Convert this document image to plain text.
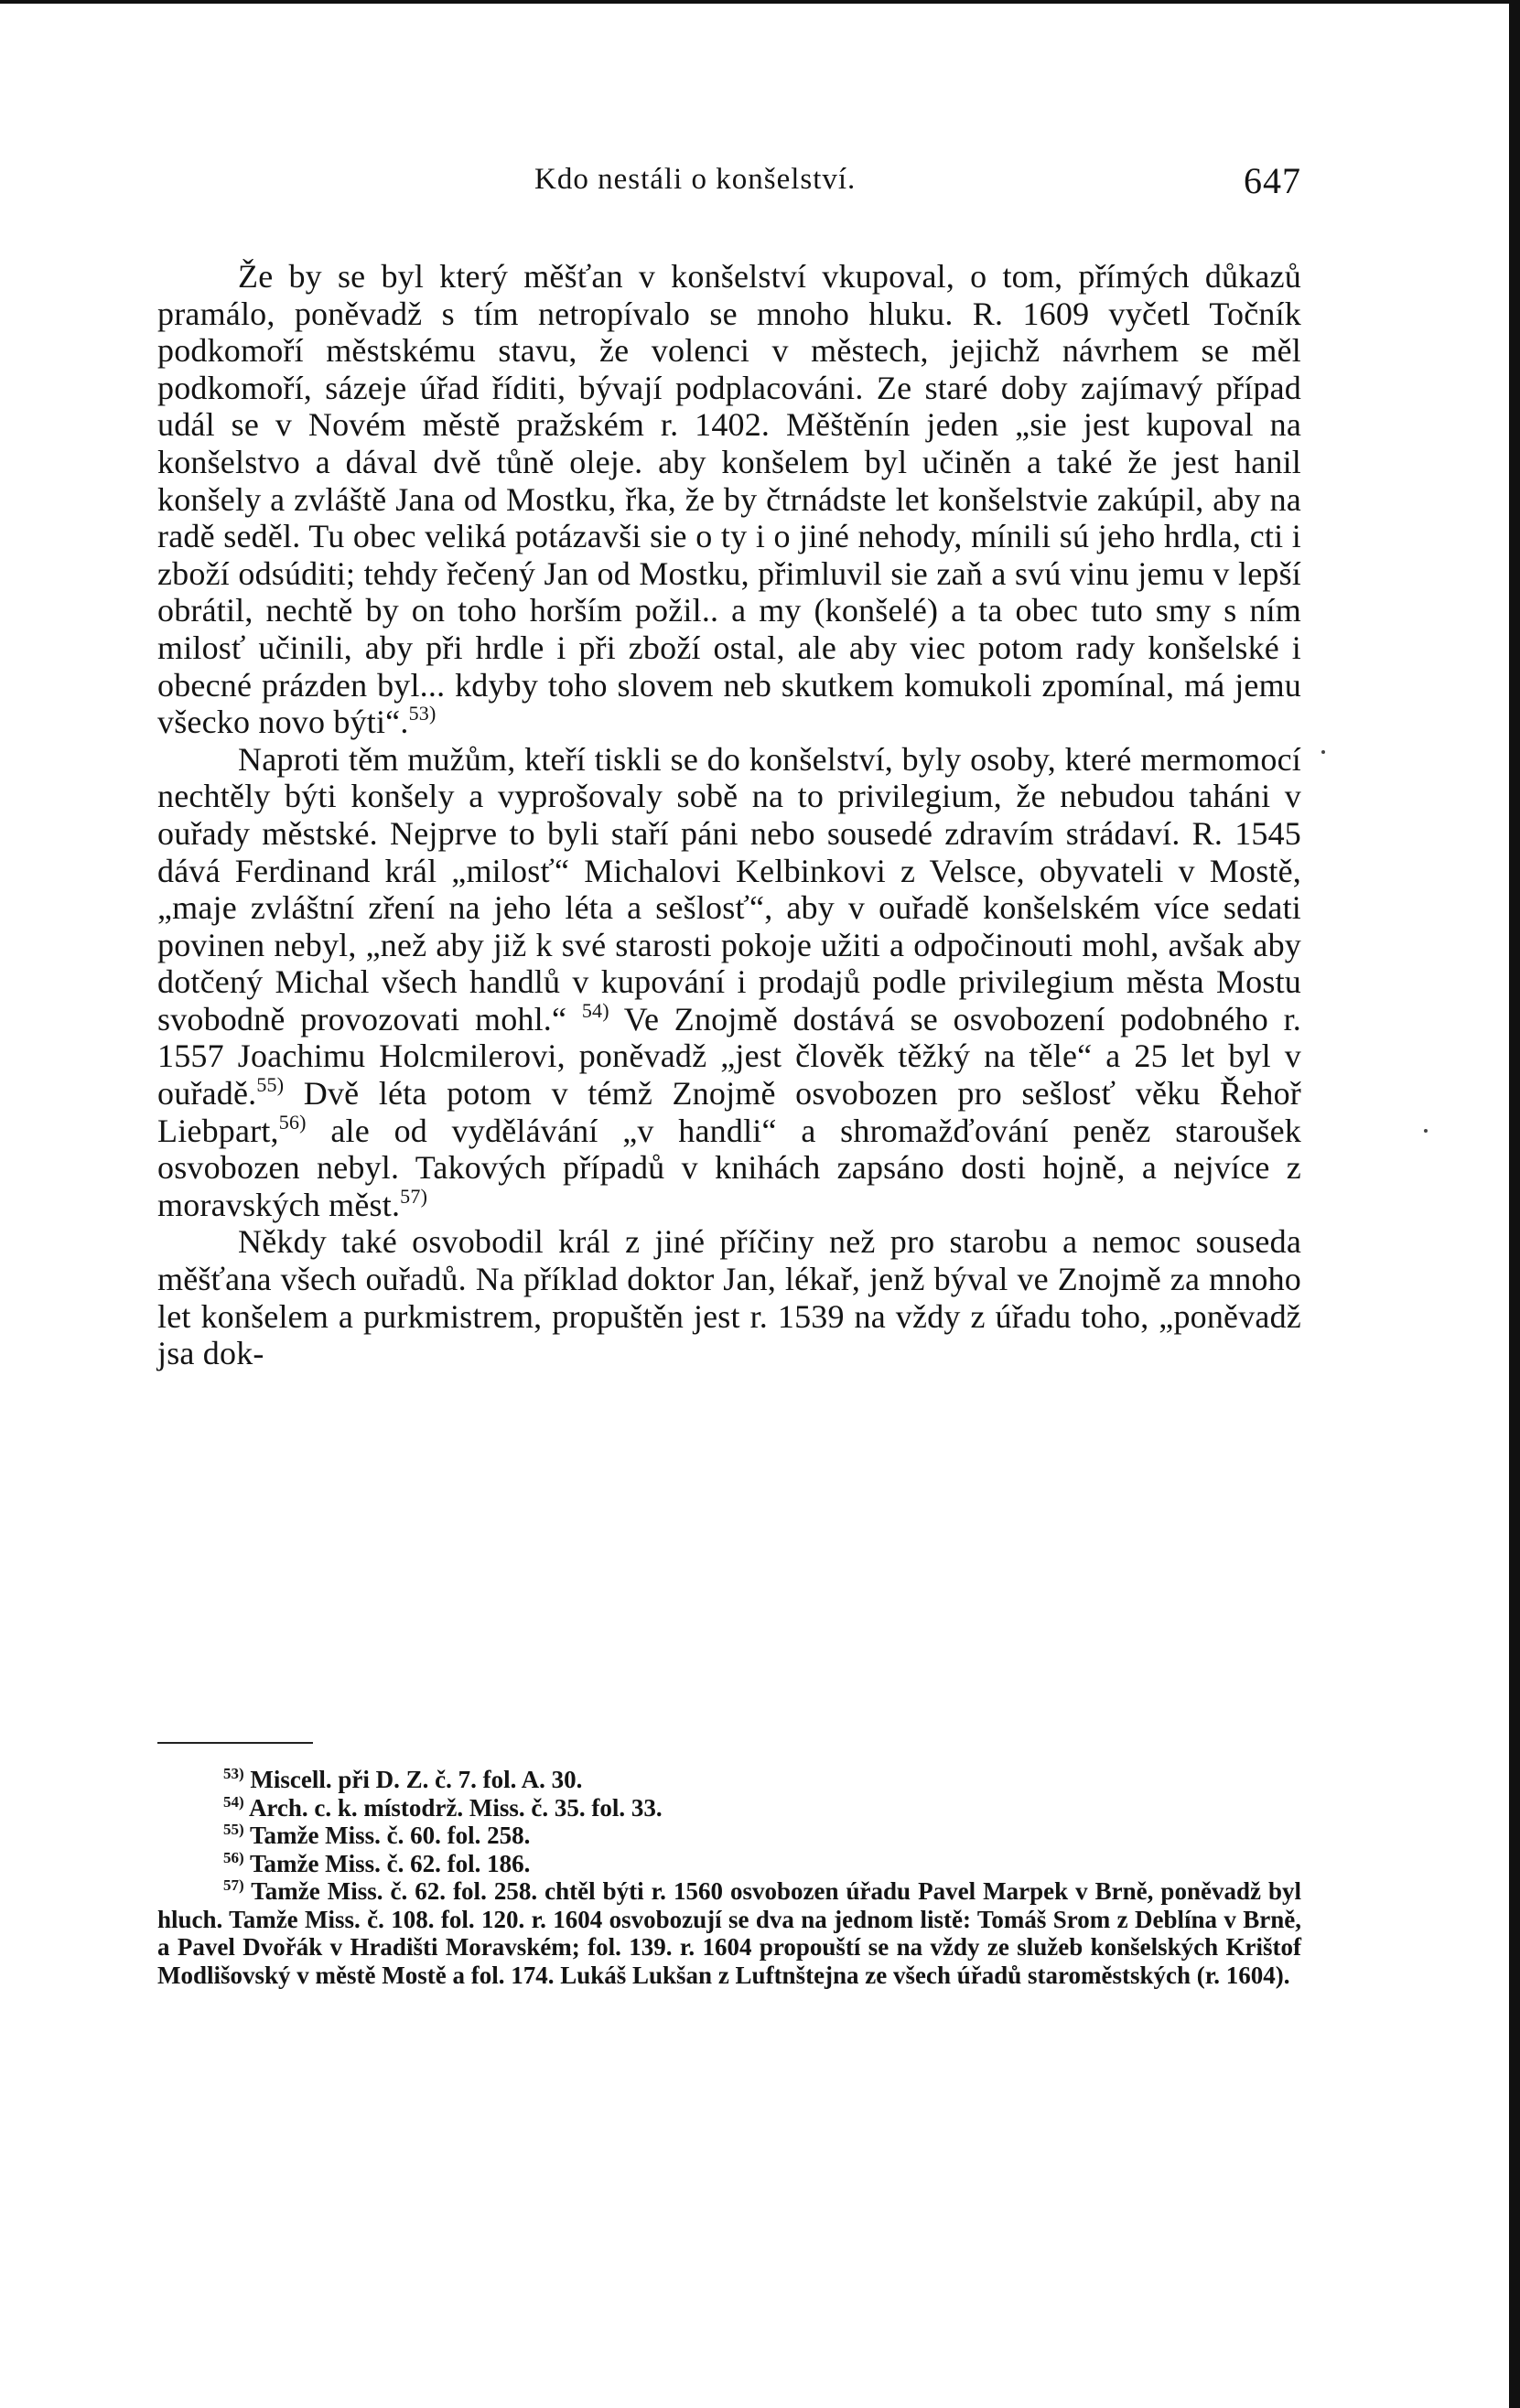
Kdo nestáli o konšelství.	647

Že by se byl který měšťan v konšelství vkupoval, o tom, přímých důkazů pramálo, poněvadž s tím netropívalo se mnoho hluku. R. 1609 vyčetl Točník podkomoří městskému stavu, že volenci v městech, jejichž návrhem se měl podkomoří, sázeje úřad říditi, bývají podplacováni. Ze staré doby zajímavý případ udál se v Novém městě pražském r. 1402. Měštěnín jeden „sie jest kupoval na konšelstvo a dával dvě tůně oleje. aby konšelem byl učiněn a také že jest hanil konšely a zvláště Jana od Mostku, řka, že by čtrnádste let konšelstvie zakúpil, aby na radě seděl. Tu obec veliká potázavši sie o ty i o jiné nehody, mínili sú jeho hrdla, cti i zboží odsúditi; tehdy řečený Jan od Mostku, přimluvil sie zaň a svú vinu jemu v lepší obrátil, nechtě by on toho horším požil.. a my (konšelé) a ta obec tuto smy s ním milosť učinili, aby při hrdle i při zboží ostal, ale aby viec potom rady konšelské i obecné prázden byl... kdyby toho slovem neb skutkem komukoli zpomínal, má jemu všecko novo býti“.$^{53)}$

Naproti těm mužům, kteří tiskli se do konšelství, byly osoby, které mermomocí nechtěly býti konšely a vyprošovaly sobě na to privilegium, že nebudou taháni v ouřady městské. Nejprve to byli staří páni nebo sousedé zdravím strádaví. R. 1545 dává Ferdinand král „milosť“ Michalovi Kelbinkovi z Velsce, obyvateli v Mostě, „maje zvláštní zření na jeho léta a sešlosť“, aby v ouřadě konšelském více sedati povinen nebyl, „než aby již k své starosti pokoje užiti a odpočinouti mohl, avšak aby dotčený Michal všech handlů v kupování i prodajů podle privilegium města Mostu svobodně provozovati mohl.“ $^{54)}$ Ve Znojmě dostává se osvobození podobného r. 1557 Joachimu Holcmilerovi, poněvadž „jest člověk těžký na těle“ a 25 let byl v ouřadě.$^{55)}$ Dvě léta potom v témž Znojmě osvobozen pro sešlosť věku Řehoř Liebpart,$^{56)}$ ale od vydělávání „v handli“ a shromažďování peněz staroušek osvobozen nebyl. Takových případů v knihách zapsáno dosti hojně, a nejvíce z moravských měst.$^{57)}$

Někdy také osvobodil král z jiné příčiny než pro starobu a nemoc souseda měšťana všech ouřadů. Na příklad doktor Jan, lékař, jenž býval ve Znojmě za mnoho let konšelem a purkmistrem, propuštěn jest r. 1539 na vždy z úřadu toho, „poněvadž jsa dok-

$^{53)}$ Miscell. při D. Z. č. 7. fol. A. 30.

$^{54)}$ Arch. c. k. místodrž. Miss. č. 35. fol. 33.

$^{55)}$ Tamže Miss. č. 60. fol. 258.

$^{56)}$ Tamže Miss. č. 62. fol. 186.

$^{57)}$ Tamže Miss. č. 62. fol. 258. chtěl býti r. 1560 osvobozen úřadu Pavel Marpek v Brně, poněvadž byl hluch. Tamže Miss. č. 108. fol. 120. r. 1604 osvobozují se dva na jednom listě: Tomáš Srom z Deblína v Brně, a Pavel Dvořák v Hradišti Moravském; fol. 139. r. 1604 propouští se na vždy ze služeb konšelských Krištof Modlišovský v městě Mostě a fol. 174. Lukáš Lukšan z Luftnštejna ze všech úřadů staroměstských (r. 1604).
